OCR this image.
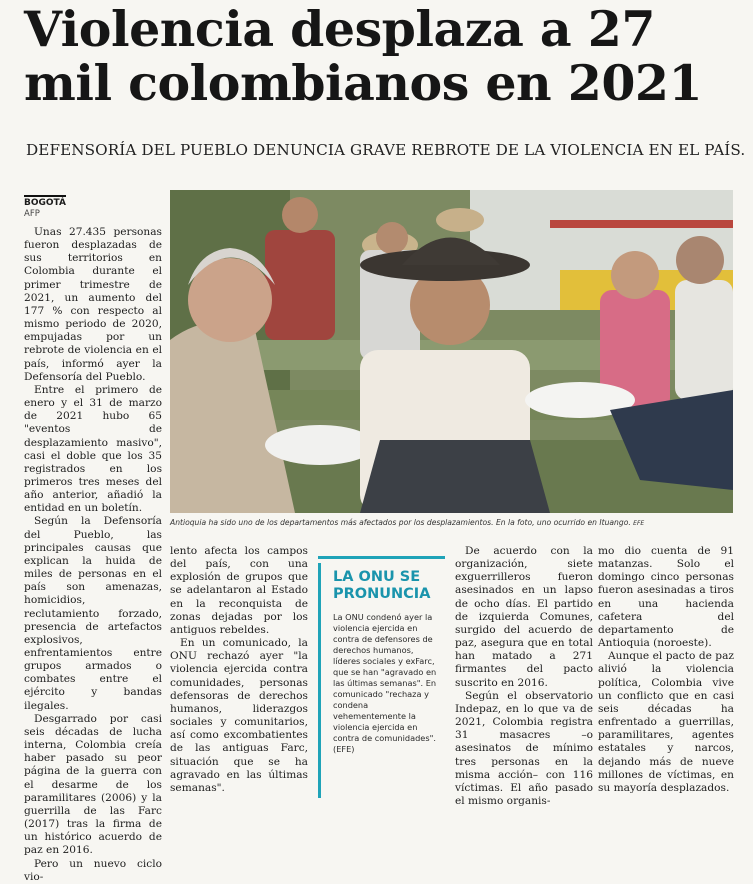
Violencia desplaza a 27
mil colombianos en 2021
DEFENSORÍA DEL PUEBLO DENUNCIA GRAVE REBROTE DE LA VIOLENCIA EN EL PAÍS.
BOGOTÁ
AFP

Unas 27.435 personas fueron desplazadas de sus territorios en Colombia durante el primer trimestre de 2021, un aumento del 177 % con respecto al mismo periodo de 2020, empujadas por un rebrote de violencia en el país, informó ayer la Defensoría del Pueblo.

Entre el primero de enero y el 31 de marzo de 2021 hubo 65 "eventos de desplazamiento masivo", casi el doble que los 35 registrados en los primeros tres meses del año anterior, añadió la entidad en un boletín.

Según la Defensoría del Pueblo, las principales causas que explican la huida de miles de personas en el país son amenazas, homicidios, reclutamiento forzado, presencia de artefactos explosivos, enfrentamientos entre grupos armados o combates entre el ejército y bandas ilegales.

Desgarrado por casi seis décadas de lucha interna, Colombia creía haber pasado su peor página de la guerra con el desarme de los paramilitares (2006) y la guerrilla de las Farc (2017) tras la firma de un histórico acuerdo de paz en 2016.

Pero un nuevo ciclo vio-

Antioquia ha sido uno de los departamentos más afectados por los desplazamientos. En la foto, uno ocurrido en Ituango. EFE

lento afecta los campos del país, con una explosión de grupos que se adelantaron al Estado en la reconquista de zonas dejadas por los antiguos rebeldes.

En un comunicado, la ONU rechazó ayer "la violencia ejercida contra comunidades, personas defensoras de derechos humanos, liderazgos sociales y comunitarios, así como excombatientes de las antiguas Farc, situación que se ha agravado en las últimas semanas".

LA ONU SE PRONUNCIA
La ONU condenó ayer la violencia ejercida en contra de defensores de derechos humanos, líderes sociales y exFarc, que se han "agravado en las últimas semanas". En comunicado "rechaza y condena vehementemente la violencia ejercida en contra de comunidades". (EFE)

De acuerdo con la organización, siete exguerrilleros fueron asesinados en un lapso de ocho días. El partido de izquierda Comunes, surgido del acuerdo de paz, asegura que en total han matado a 271 firmantes del pacto suscrito en 2016.

Según el observatorio Indepaz, en lo que va de 2021, Colombia registra 31 masacres –o asesinatos de mínimo tres personas en la misma acción– con 116 víctimas. El año pasado el mismo organis-

mo dio cuenta de 91 matanzas. Solo el domingo cinco personas fueron asesinadas a tiros en una hacienda cafetera del departamento de Antioquia (noroeste).

Aunque el pacto de paz alivió la violencia política, Colombia vive un conflicto que en casi seis décadas ha enfrentado a guerrillas, paramilitares, agentes estatales y narcos, dejando más de nueve millones de víctimas, en su mayoría desplazados.
